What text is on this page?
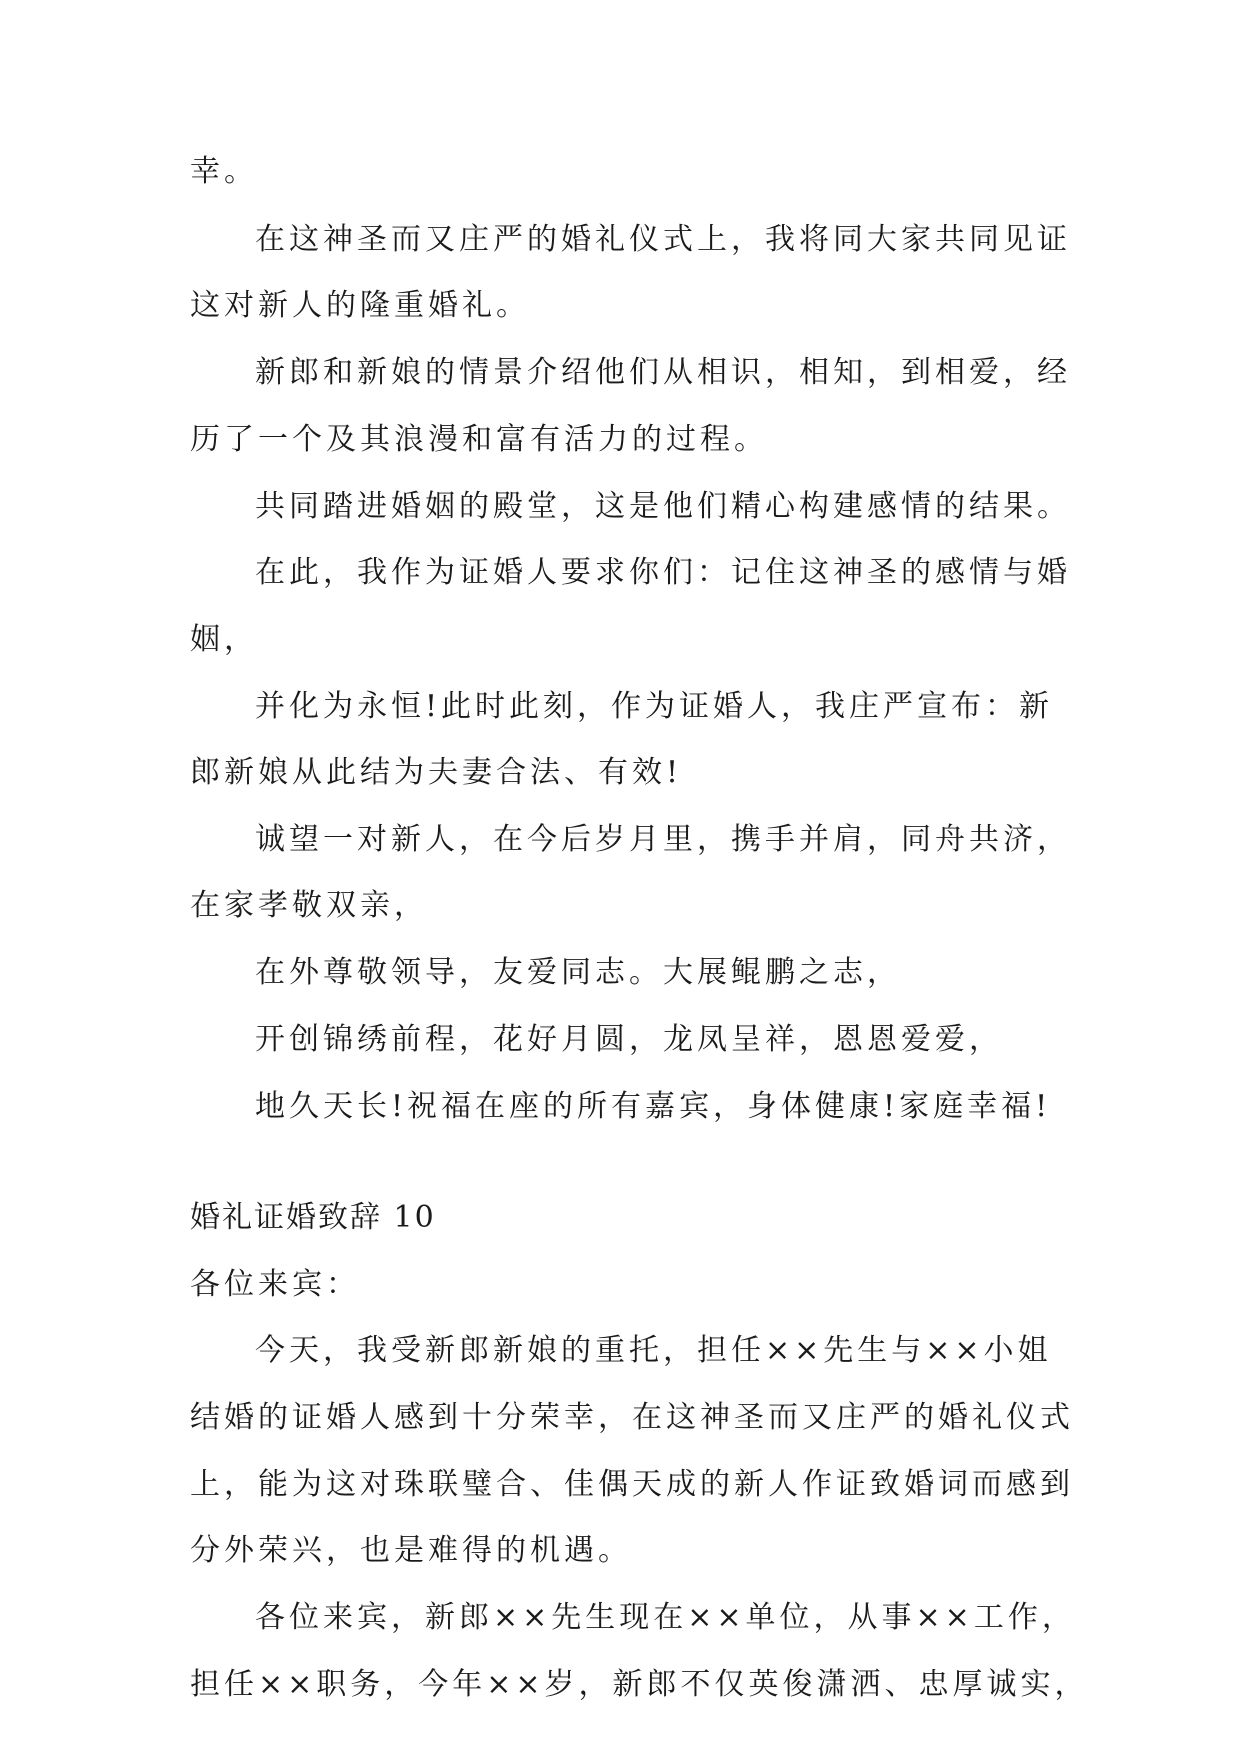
幸。
在这神圣而又庄严的婚礼仪式上，我将同大家共同见证
这对新人的隆重婚礼。
新郎和新娘的情景介绍他们从相识，相知，到相爱，经
历了一个及其浪漫和富有活力的过程。
共同踏进婚姻的殿堂，这是他们精心构建感情的结果。
在此，我作为证婚人要求你们：记住这神圣的感情与婚
姻，
并化为永恒!此时此刻，作为证婚人，我庄严宣布：新
郎新娘从此结为夫妻合法、有效!
诚望一对新人，在今后岁月里，携手并肩，同舟共济，
在家孝敬双亲，
在外尊敬领导，友爱同志。大展鲲鹏之志，
开创锦绣前程，花好月圆，龙凤呈祥，恩恩爱爱，
地久天长!祝福在座的所有嘉宾，身体健康!家庭幸福!
婚礼证婚致辞 10
各位来宾：
今天，我受新郎新娘的重托，担任××先生与××小姐
结婚的证婚人感到十分荣幸，在这神圣而又庄严的婚礼仪式
上，能为这对珠联璧合、佳偶天成的新人作证致婚词而感到
分外荣兴，也是难得的机遇。
各位来宾，新郎××先生现在××单位，从事××工作，
担任××职务，今年××岁，新郎不仅英俊潇洒、忠厚诚实，
